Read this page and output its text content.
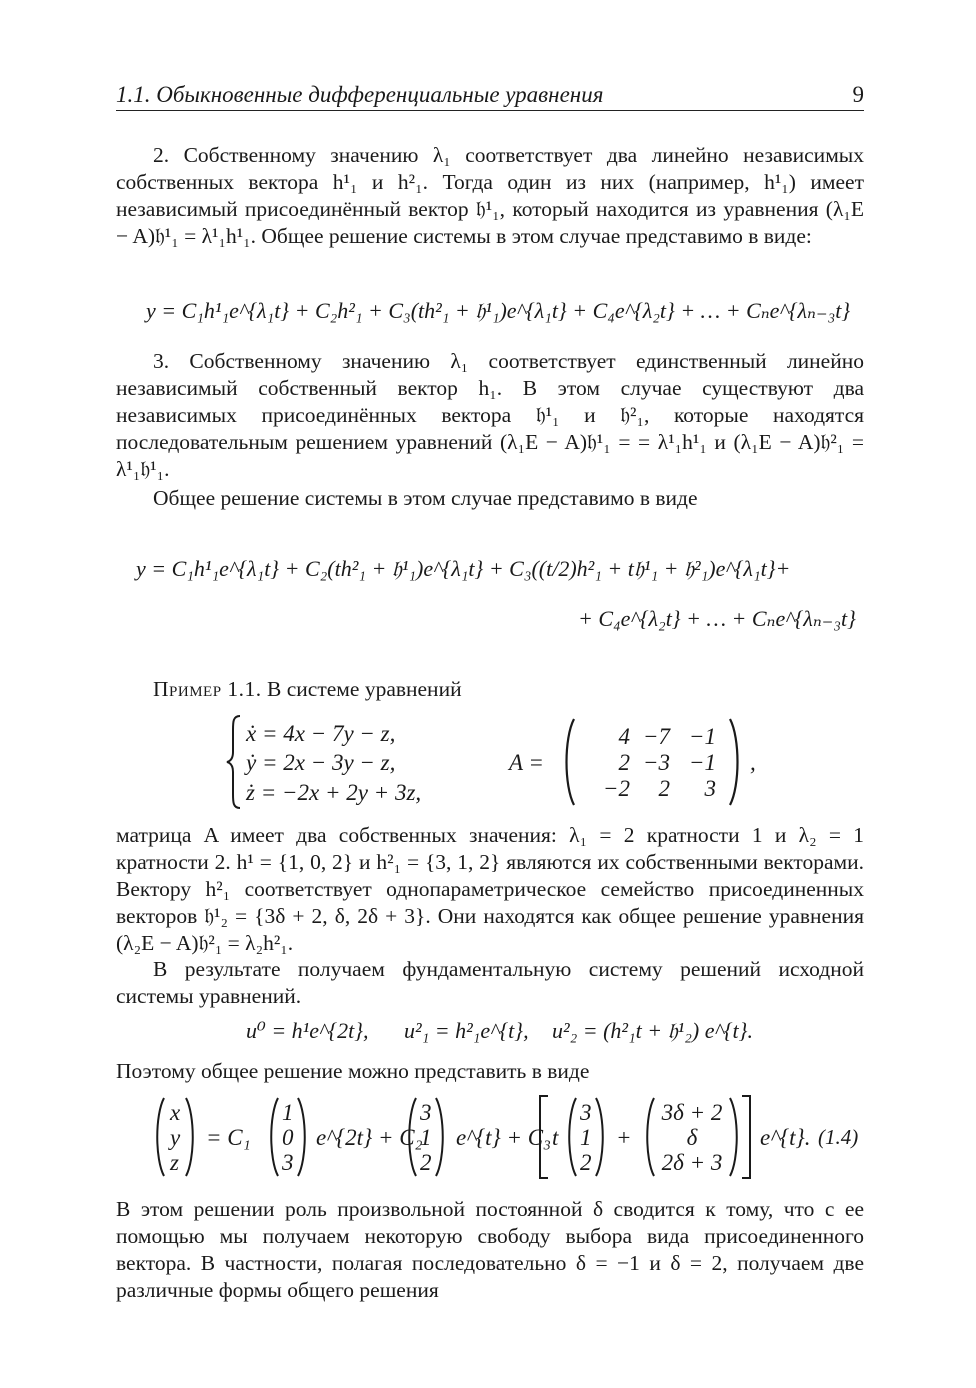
1.1. Обыкновенные дифференциальные уравнения	9

2. Собственному значению λ₁ соответствует два линейно независимых собственных вектора h¹₁ и h²₁. Тогда один из них (например, h¹₁) имеет независимый присоединённый вектор 𝔥¹₁, который находится из уравнения (λ₁E − A)𝔥¹₁ = λ¹₁h¹₁. Общее решение системы в этом случае представимо в виде:

y = C₁h¹₁e^{λ₁t} + C₂h²₁ + C₃(th²₁ + 𝔥¹₁)e^{λ₁t} + C₄e^{λ₂t} + … + Cₙe^{λₙ₋₃t}

3. Собственному значению λ₁ соответствует единственный линейно независимый собственный вектор h₁. В этом случае существуют два независимых присоединённых вектора 𝔥¹₁ и 𝔥²₁, которые находятся последовательным решением уравнений (λ₁E − A)𝔥¹₁ = = λ¹₁h¹₁ и (λ₁E − A)𝔥²₁ = λ¹₁𝔥¹₁.

Общее решение системы в этом случае представимо в виде
y = C₁h¹₁e^{λ₁t} + C₂(th²₁ + 𝔥¹₁)e^{λ₁t} + C₃((t/2)h²₁ + t𝔥¹₁ + 𝔥²₁)e^{λ₁t}+
+ C₄e^{λ₂t} + … + Cₙe^{λₙ₋₃t}
Пример 1.1. В системе уравнений
ẋ = 4x − 7y − z,
ẏ = 2x − 3y − z,
ż = −2x + 2y + 3z,
A =
4 −7 −1
2 −3 −1
−2	2	3
,

матрица A имеет два собственных значения: λ₁ = 2 кратности 1 и λ₂ = 1 кратности 2. h¹ = {1, 0, 2} и h²₁ = {3, 1, 2} являются их собственными векторами. Вектору h²₁ соответствует однопараметрическое семейство присоединенных векторов 𝔥¹₂ = {3δ + 2, δ, 2δ + 3}. Они находятся как общее решение уравнения (λ₂E − A)𝔥²₁ = λ₂h²₁.

В результате получаем фундаментальную систему решений исходной системы уравнений.

u⁰ = h¹e^{2t}, u²₁ = h²₁e^{t}, u²₂ = (h²₁t + 𝔥¹₂) e^{t}.
Поэтому общее решение можно представить в виде
x
y
z
= C₁
1
0
3
e^{2t} + C₂
3
1
2
e^{t} + C₃ t
3
1
2
+
3δ + 2
δ
2δ + 3
e^{t}. (1.4)

В этом решении роль произвольной постоянной δ сводится к тому, что с ее помощью мы получаем некоторую свободу выбора вида присоединенного вектора. В частности, полагая последовательно δ = −1 и δ = 2, получаем две различные формы общего решения
